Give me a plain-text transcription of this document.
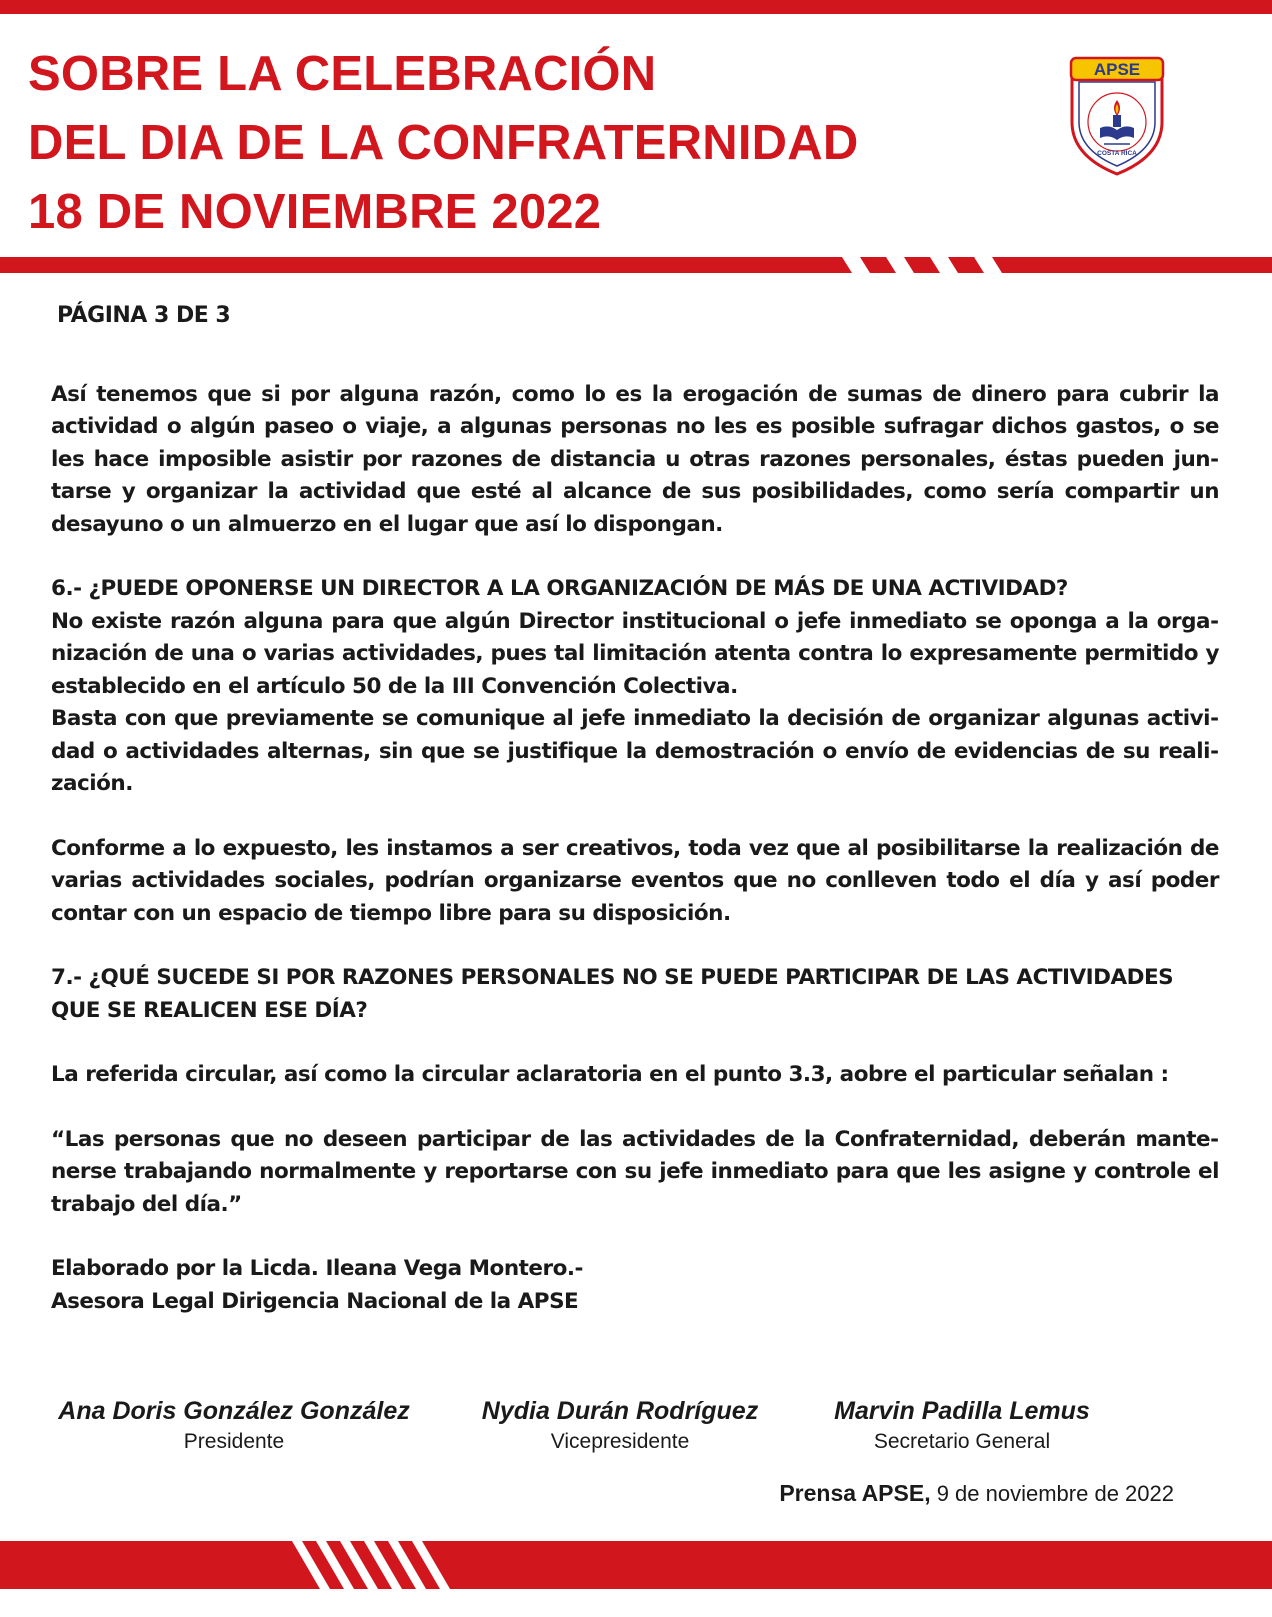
SOBRE LA CELEBRACIÓN
DEL DIA DE LA CONFRATERNIDAD
18 DE NOVIEMBRE 2022
APSE
COSTA RICA
PÁGINA 3 DE 3

Así tenemos que si por alguna razón, como lo es la erogación de sumas de dinero para cubrir la actividad o algún paseo o viaje, a algunas personas no les es posible sufragar dichos gastos, o se les hace imposible asistir por razones de distancia u otras razones personales, éstas pueden juntarse y organizar la actividad que esté al alcance de sus posibilidades, como sería compartir un desayuno o un almuerzo en el lugar que así lo dispongan.

6.- ¿PUEDE OPONERSE UN DIRECTOR A LA ORGANIZACIÓN DE MÁS DE UNA ACTIVIDAD?

No existe razón alguna para que algún Director institucional o jefe inmediato se oponga a la organización de una o varias actividades, pues tal limitación atenta contra lo expresamente permitido y establecido en el artículo 50 de la III Convención Colectiva.

Basta con que previamente se comunique al jefe inmediato la decisión de organizar algunas actividad o actividades alternas, sin que se justifique la demostración o envío de evidencias de su realización.

Conforme a lo expuesto, les instamos a ser creativos, toda vez que al posibilitarse la realización de varias actividades sociales, podrían organizarse eventos que no conlleven todo el día y así poder contar con un espacio de tiempo libre para su disposición.

7.- ¿QUÉ SUCEDE SI POR RAZONES PERSONALES NO SE PUEDE PARTICIPAR DE LAS ACTIVIDADES QUE SE REALICEN ESE DÍA?

La referida circular, así como la circular aclaratoria en el punto 3.3, aobre el particular señalan :

“Las personas que no deseen participar de las actividades de la Confraternidad, deberán mantenerse trabajando normalmente y reportarse con su jefe inmediato para que les asigne y controle el trabajo del día.”

Elaborado por la Licda. Ileana Vega Montero.-

Asesora Legal Dirigencia Nacional de la APSE

Ana Doris González González
Presidente
Nydia Durán Rodríguez
Vicepresidente
Marvin Padilla Lemus
Secretario General
Prensa APSE, 9 de noviembre de 2022
